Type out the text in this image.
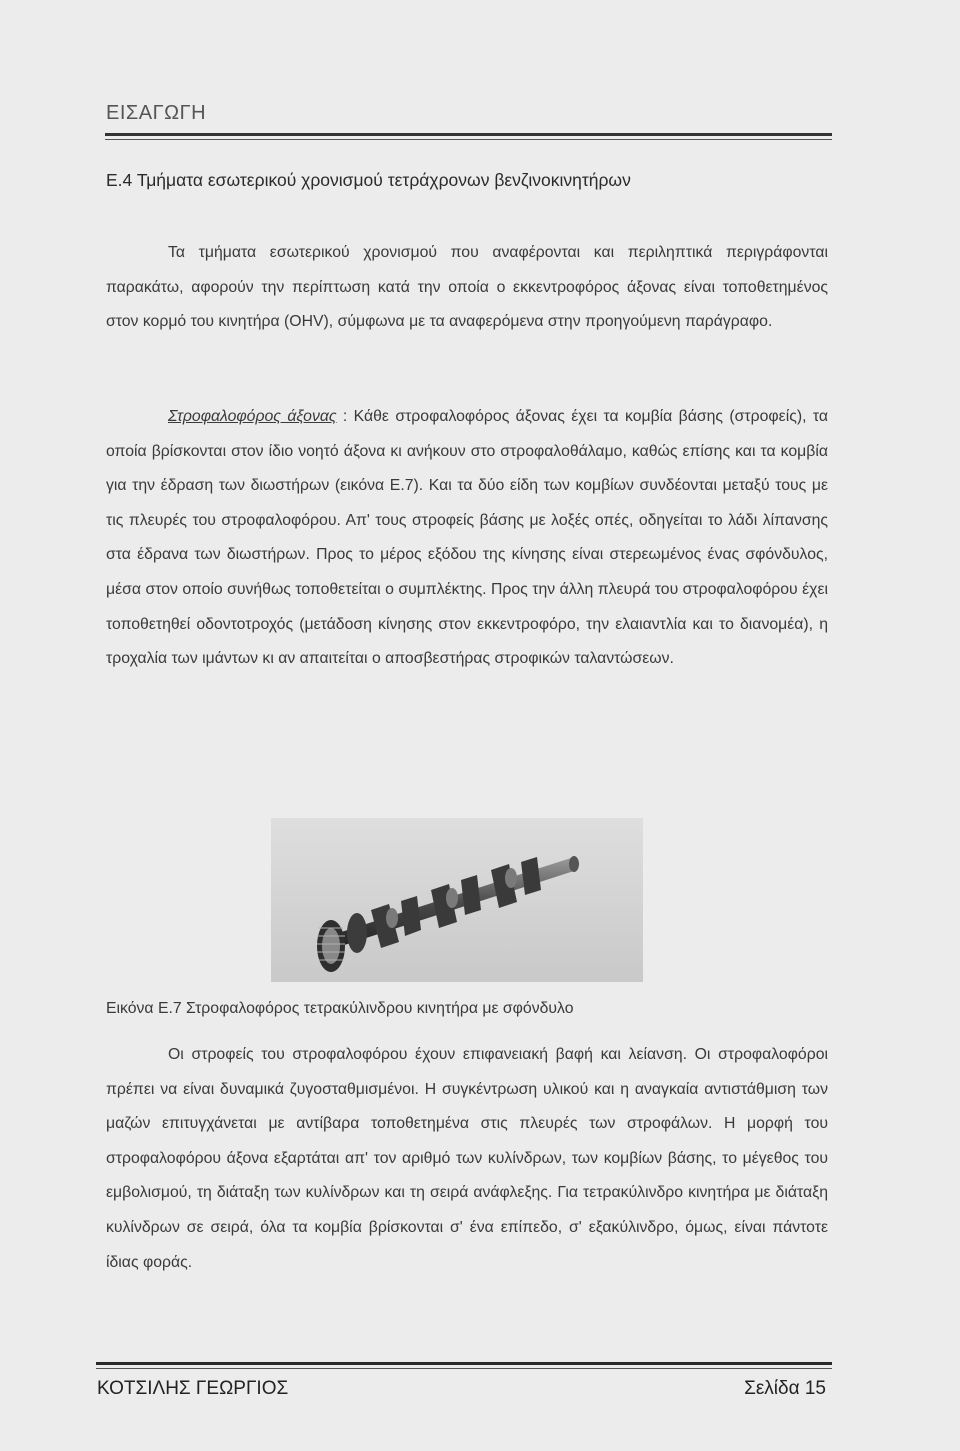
ΕΙΣΑΓΩΓΗ
Ε.4 Τμήματα εσωτερικού χρονισμού τετράχρονων βενζινοκινητήρων

Τα τμήματα εσωτερικού χρονισμού που αναφέρονται και περιληπτικά περιγράφονται παρακάτω, αφορούν την περίπτωση κατά την οποία ο εκκεντροφόρος άξονας είναι τοποθετημένος στον κορμό του κινητήρα (OHV), σύμφωνα με τα αναφερόμενα στην προηγούμενη παράγραφο.

Στροφαλοφόρος άξονας : Κάθε στροφαλοφόρος άξονας έχει τα κομβία βάσης (στροφείς), τα οποία βρίσκονται στον ίδιο νοητό άξονα κι ανήκουν στο στροφαλοθάλαμο, καθώς επίσης και τα κομβία για την έδραση των διωστήρων (εικόνα Ε.7). Και τα δύο είδη των κομβίων συνδέονται μεταξύ τους με τις πλευρές του στροφαλοφόρου. Απ' τους στροφείς βάσης με λοξές οπές, οδηγείται το λάδι λίπανσης στα έδρανα των διωστήρων. Προς το μέρος εξόδου της κίνησης είναι στερεωμένος ένας σφόνδυλος, μέσα στον οποίο συνήθως τοποθετείται ο συμπλέκτης. Προς την άλλη πλευρά του στροφαλοφόρου έχει τοποθετηθεί οδοντοτροχός (μετάδοση κίνησης στον εκκεντροφόρο, την ελαιαντλία και το διανομέα), η τροχαλία των ιμάντων κι αν απαιτείται ο αποσβεστήρας στροφικών ταλαντώσεων.

Εικόνα Ε.7 Στροφαλοφόρος τετρακύλινδρου κινητήρα με σφόνδυλο

Οι στροφείς του στροφαλοφόρου έχουν επιφανειακή βαφή και λείανση. Οι στροφαλοφόροι πρέπει να είναι δυναμικά ζυγοσταθμισμένοι. Η συγκέντρωση υλικού και η αναγκαία αντιστάθμιση των μαζών επιτυγχάνεται με αντίβαρα τοποθετημένα στις πλευρές των στροφάλων. Η μορφή του στροφαλοφόρου άξονα εξαρτάται απ' τον αριθμό των κυλίνδρων, των κομβίων βάσης, το μέγεθος του εμβολισμού, τη διάταξη των κυλίνδρων και τη σειρά ανάφλεξης. Για τετρακύλινδρο κινητήρα με διάταξη κυλίνδρων σε σειρά, όλα τα κομβία βρίσκονται σ' ένα επίπεδο, σ' εξακύλινδρο, όμως, είναι πάντοτε ίδιας φοράς.

ΚΟΤΣΙΛΗΣ ΓΕΩΡΓΙΟΣ	Σελίδα 15
